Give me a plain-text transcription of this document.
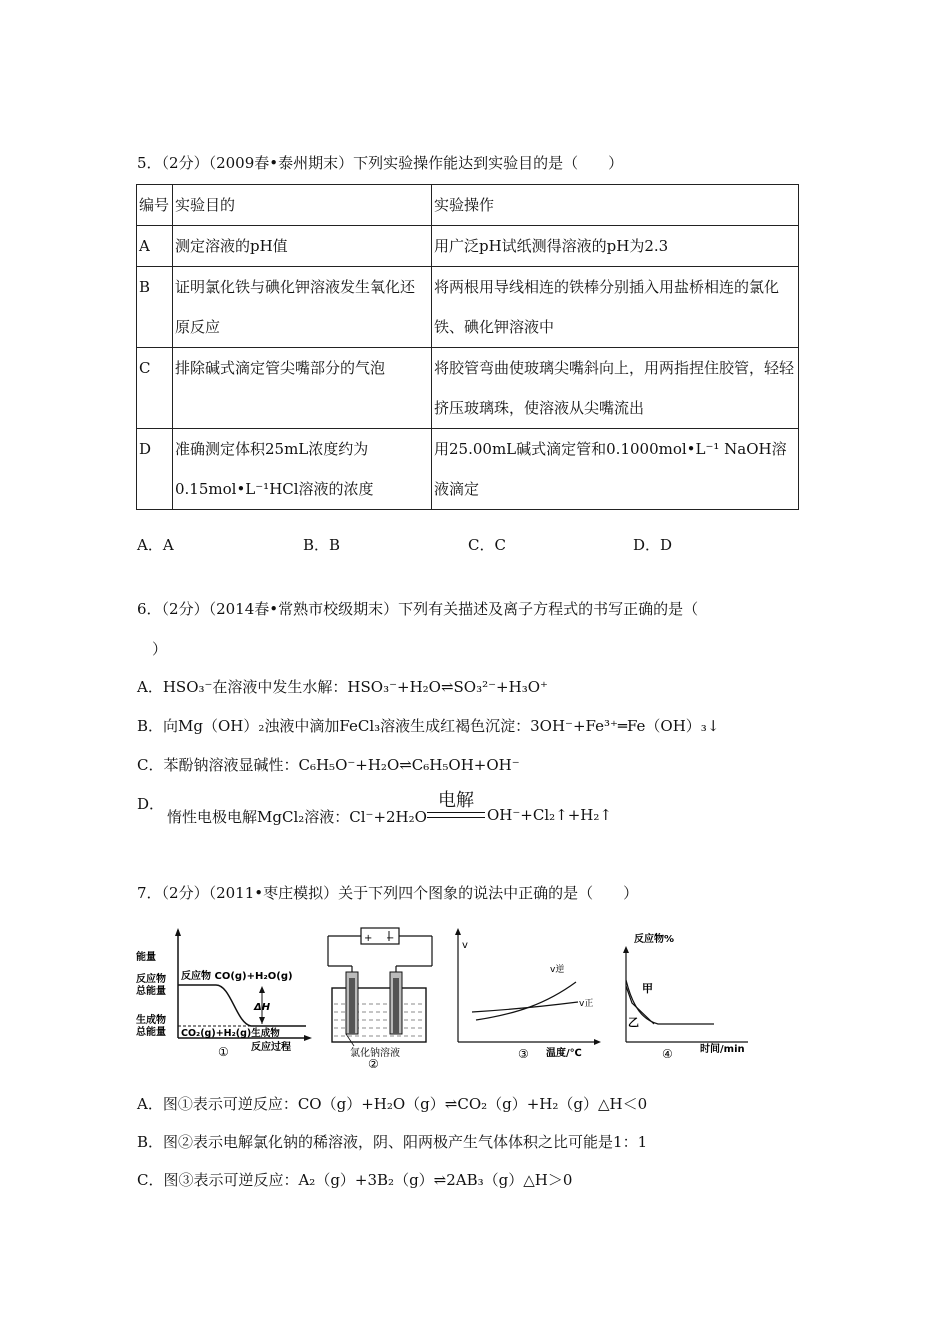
5．（2分）（2009春•泰州期末）下列实验操作能达到实验目的是（　　）
编号	实验目的	实验操作
A	测定溶液的pH值	用广泛pH试纸测得溶液的pH为2.3
B	证明氯化铁与碘化钾溶液发生氧化还原反应	将两根用导线相连的铁棒分别插入用盐桥相连的氯化铁、碘化钾溶液中
C	排除碱式滴定管尖嘴部分的气泡	将胶管弯曲使玻璃尖嘴斜向上，用两指捏住胶管，轻轻挤压玻璃珠，使溶液从尖嘴流出
D	准确测定体积25mL浓度约为0.15mol•L⁻¹HCl溶液的浓度	用25.00mL碱式滴定管和0.1000mol•L⁻¹ NaOH溶液滴定
A．A	B．B	C．C	D．D
6．（2分）（2014春•常熟市校级期末）下列有关描述及离子方程式的书写正确的是（
）
A．HSO₃⁻在溶液中发生水解：HSO₃⁻+H₂O⇌SO₃²⁻+H₃O⁺
B．向Mg（OH）₂浊液中滴加FeCl₃溶液生成红褐色沉淀：3OH⁻+Fe³⁺═Fe（OH）₃↓
C．苯酚钠溶液显碱性：C₆H₅O⁻+H₂O⇌C₆H₅OH+OH⁻
D．
惰性电极电解MgCl₂溶液：Cl⁻+2H₂O
电解
OH⁻+Cl₂↑+H₂↑
7．（2分）（2011•枣庄模拟）关于下列四个图象的说法中正确的是（　　）
能量
反应物
总能量
生成物
总能量
反应物 CO(g)+H₂O(g)
CO₂(g)+H₂(g)生成物
ΔH
反应过程
①
+ −
氯化钠溶液
②
v
v逆
v正
温度/℃
③
反应物%
甲
乙
时间/min
④
A．图①表示可逆反应：CO（g）+H₂O（g）⇌CO₂（g）+H₂（g）△H＜0
B．图②表示电解氯化钠的稀溶液，阴、阳两极产生气体体积之比可能是1：1
C．图③表示可逆反应：A₂（g）+3B₂（g）⇌2AB₃（g）△H＞0
